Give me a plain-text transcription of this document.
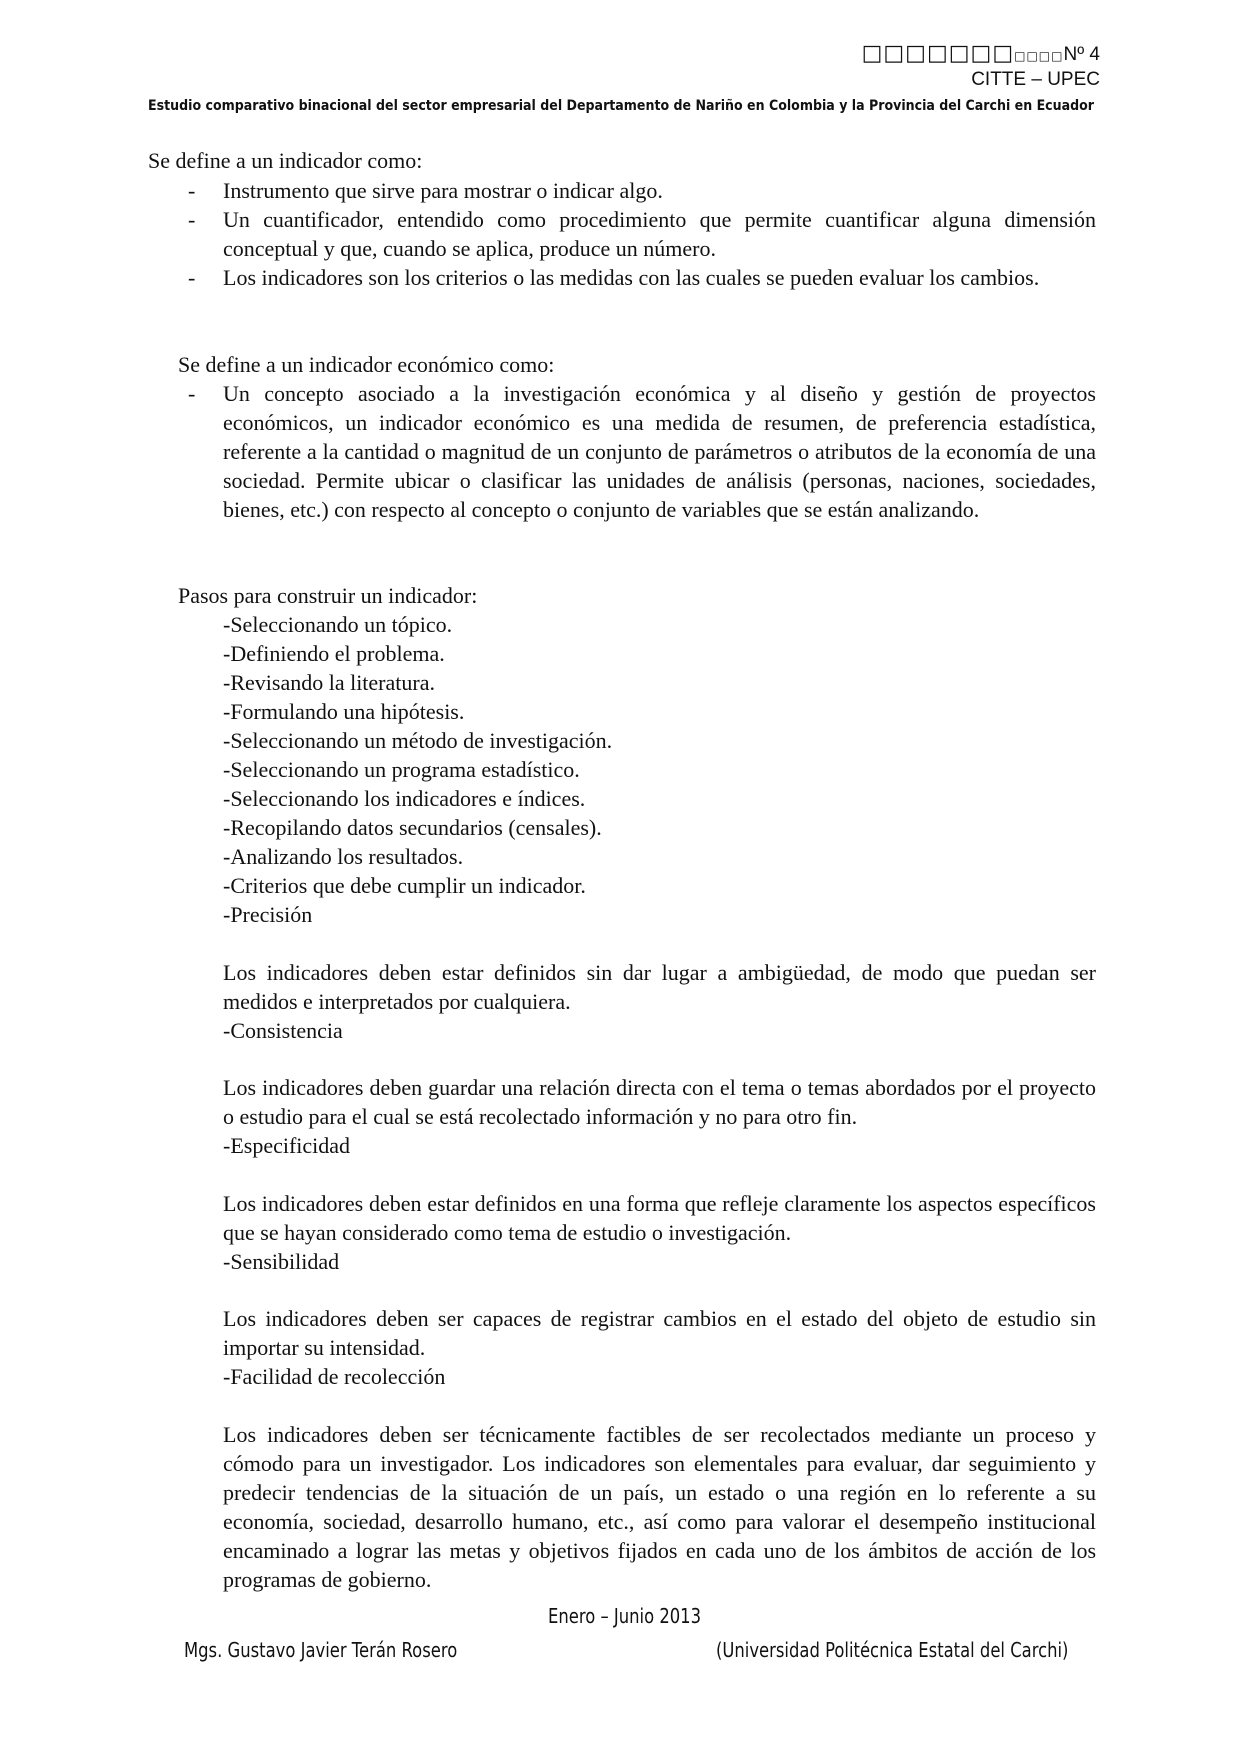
□□□□□□□□□□□Nº 4
CITTE – UPEC
Estudio comparativo binacional del sector empresarial del Departamento de Nariño en Colombia y la Provincia del Carchi en Ecuador

Se define a un indicador como:

- Instrumento que sirve para mostrar o indicar algo.

- Un cuantificador, entendido como procedimiento que permite cuantificar alguna dimensión conceptual y que, cuando se aplica, produce un número.

- Los indicadores son los criterios o las medidas con las cuales se pueden evaluar los cambios.

Se define a un indicador económico como:

- Un concepto asociado a la investigación económica y al diseño y gestión de proyectos económicos, un indicador económico es una medida de resumen, de preferencia estadística, referente a la cantidad o magnitud de un conjunto de parámetros o atributos de la economía de una sociedad. Permite ubicar o clasificar las unidades de análisis (personas, naciones, sociedades, bienes, etc.) con respecto al concepto o conjunto de variables que se están analizando.

Pasos para construir un indicador:

-Seleccionando un tópico.
-Definiendo el problema.
-Revisando la literatura.
-Formulando una hipótesis.
-Seleccionando un método de investigación.
-Seleccionando un programa estadístico.
-Seleccionando los indicadores e índices.
-Recopilando datos secundarios (censales).
-Analizando los resultados.
-Criterios que debe cumplir un indicador.
-Precisión
Los indicadores deben estar definidos sin dar lugar a ambigüedad, de modo que puedan ser medidos e interpretados por cualquiera.
-Consistencia
Los indicadores deben guardar una relación directa con el tema o temas abordados por el proyecto o estudio para el cual se está recolectado información y no para otro fin.
-Especificidad
Los indicadores deben estar definidos en una forma que refleje claramente los aspectos específicos que se hayan considerado como tema de estudio o investigación.
-Sensibilidad
Los indicadores deben ser capaces de registrar cambios en el estado del objeto de estudio sin importar su intensidad.
-Facilidad de recolección
Los indicadores deben ser técnicamente factibles de ser recolectados mediante un proceso y cómodo para un investigador. Los indicadores son elementales para evaluar, dar seguimiento y predecir tendencias de la situación de un país, un estado o una región en lo referente a su economía, sociedad, desarrollo humano, etc., así como para valorar el desempeño institucional encaminado a lograr las metas y objetivos fijados en cada uno de los ámbitos de acción de los programas de gobierno.
Enero – Junio 2013
Mgs. Gustavo Javier Terán Rosero	(Universidad Politécnica Estatal del Carchi)
